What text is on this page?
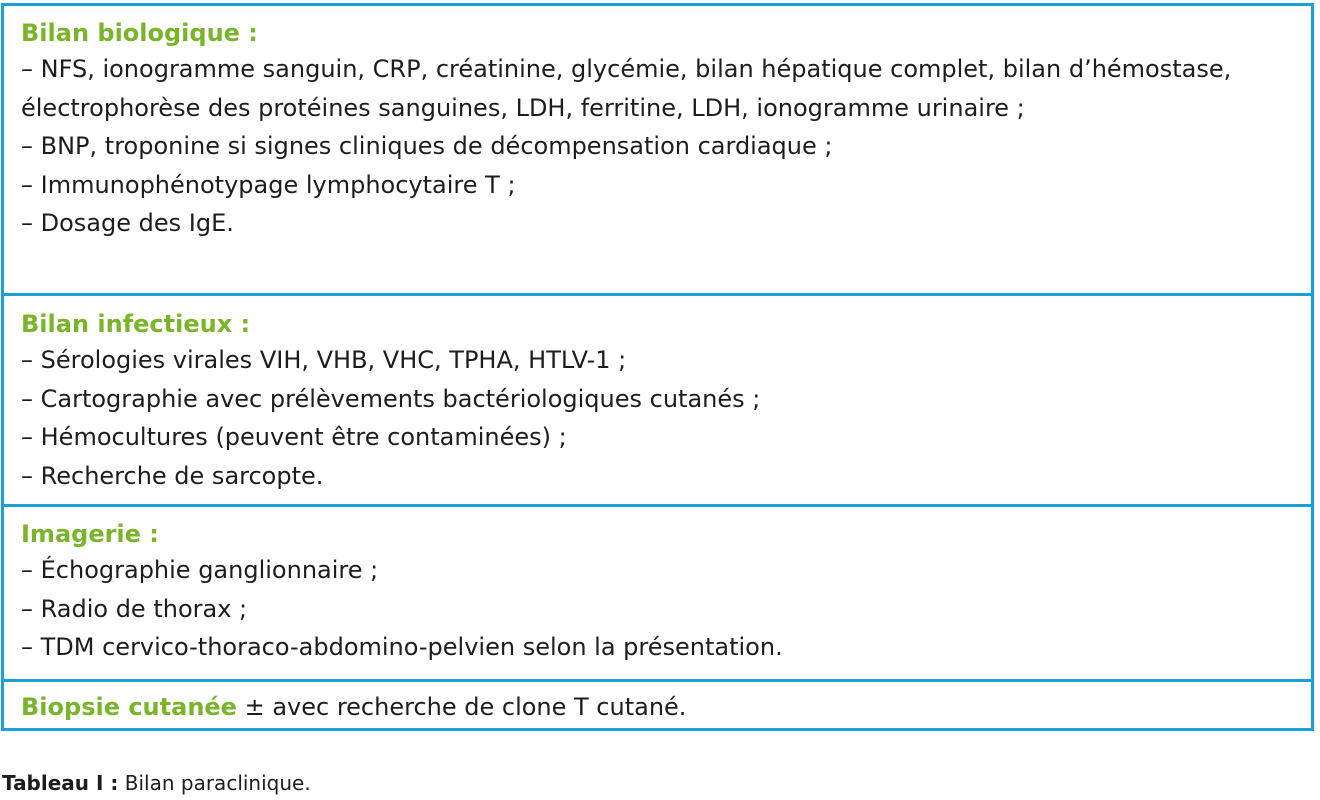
Bilan biologique :

– NFS, ionogramme sanguin, CRP, créatinine, glycémie, bilan hépatique complet, bilan d’hémostase, électrophorèse des protéines sanguines, LDH, ferritine, LDH, ionogramme urinaire ;

– BNP, troponine si signes cliniques de décompensation cardiaque ;

– Immunophénotypage lymphocytaire T ;

– Dosage des IgE.

Bilan infectieux :

– Sérologies virales VIH, VHB, VHC, TPHA, HTLV-1 ;

– Cartographie avec prélèvements bactériologiques cutanés ;

– Hémocultures (peuvent être contaminées) ;

– Recherche de sarcopte.

Imagerie :

– Échographie ganglionnaire ;

– Radio de thorax ;

– TDM cervico-thoraco-abdomino-pelvien selon la présentation.

Biopsie cutanée ± avec recherche de clone T cutané.
Tableau I : Bilan paraclinique.
